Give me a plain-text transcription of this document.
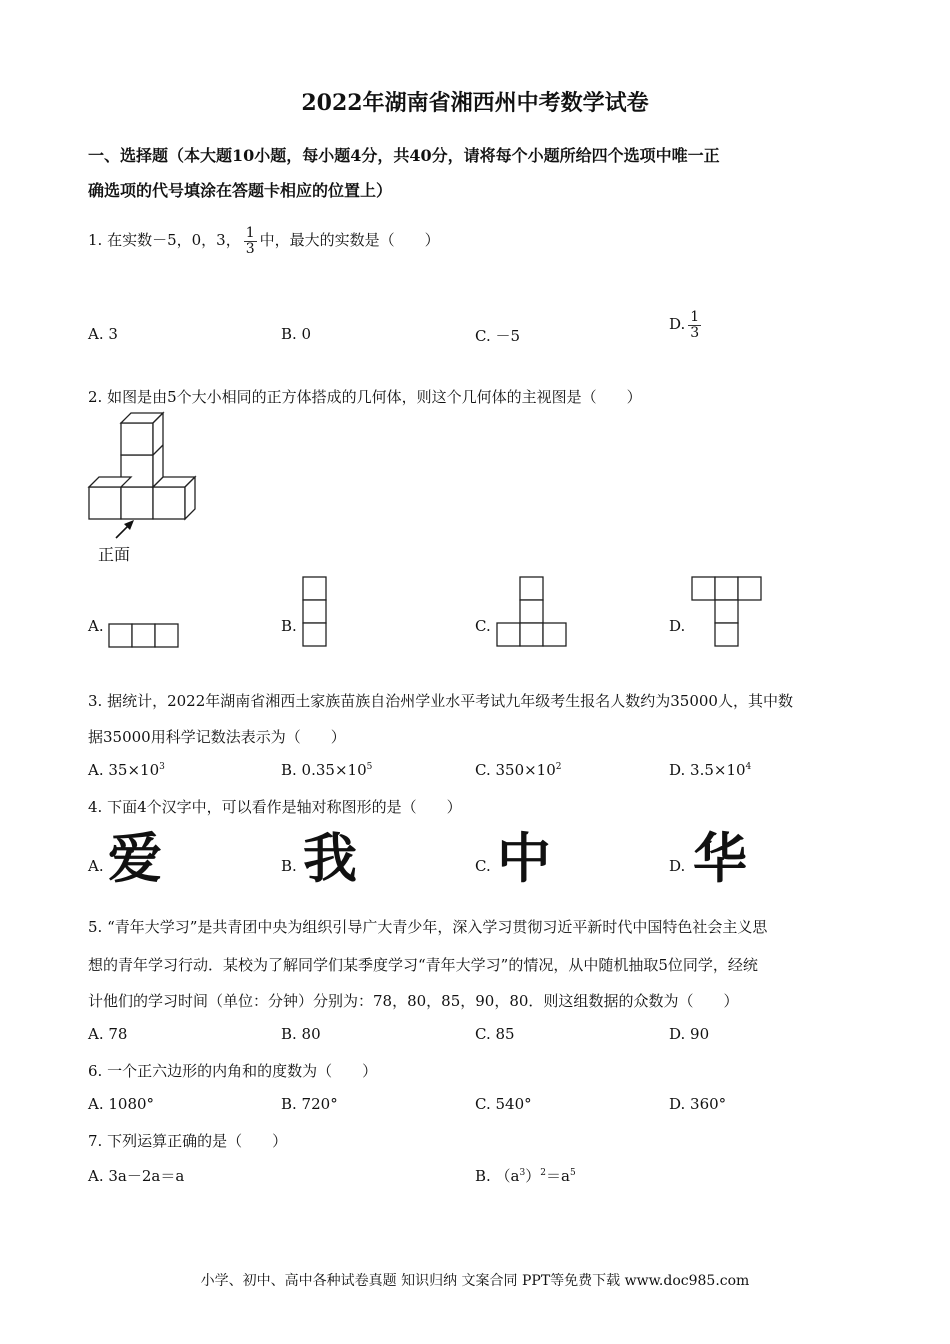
2022年湖南省湘西州中考数学试卷
一、选择题（本大题10小题，每小题4分，共40分，请将每个小题所给四个选项中唯一正
确选项的代号填涂在答题卡相应的位置上）
1. 在实数－5，0，3， $\frac{1}{3}$ 中，最大的实数是（　　）
A. 3	B. 0	C. －5
D. $\frac{1}{3}$
2. 如图是由5个大小相同的正方体搭成的几何体，则这个几何体的主视图是（　　）
正面
A.	B.	C.	D.
3. 据统计，2022年湖南省湘西土家族苗族自治州学业水平考试九年级考生报名人数约为35000人，其中数
据35000用科学记数法表示为（　　）
A. $35\times 10^3$	B. $0.35\times 10^5$	C. $350\times 10^2$	D. $3.5\times 10^4$
4. 下面4个汉字中，可以看作是轴对称图形的是（　　）
A. 爱	B. 我	C. 中	D. 华
5. “青年大学习”是共青团中央为组织引导广大青少年，深入学习贯彻习近平新时代中国特色社会主义思
想的青年学习行动．某校为了解同学们某季度学习“青年大学习”的情况，从中随机抽取5位同学，经统
计他们的学习时间（单位：分钟）分别为：78，80，85，90，80．则这组数据的众数为（　　）
A. 78	B. 80	C. 85	D. 90
6. 一个正六边形的内角和的度数为（　　）
A. 1080°	B. 720°	C. 540°	D. 360°
7. 下列运算正确的是（　　）
A. 3a－2a＝a	B. $(a^3)^2=a^5$
小学、初中、高中各种试卷真题 知识归纳 文案合同 PPT等免费下载 www.doc985.com
